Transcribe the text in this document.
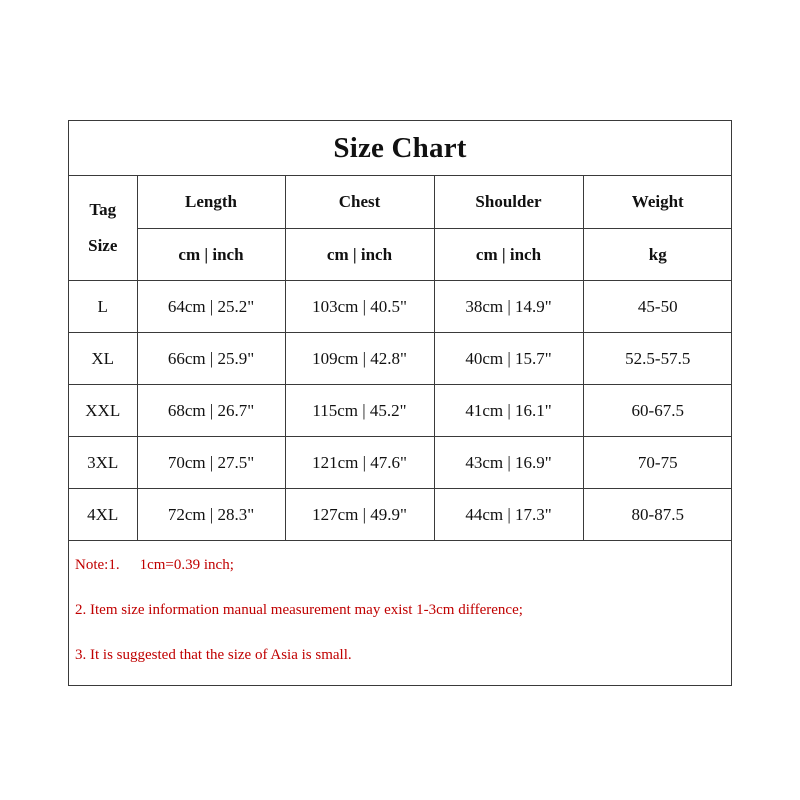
Size Chart
Tag
Size	Length	Chest	Shoulder	Weight
	cm | inch	cm | inch	cm | inch	kg
L	64cm | 25.2"	103cm | 40.5"	38cm | 14.9"	45-50
XL	66cm | 25.9"	109cm | 42.8"	40cm | 15.7"	52.5-57.5
XXL	68cm | 26.7"	115cm | 45.2"	41cm | 16.1"	60-67.5
3XL	70cm | 27.5"	121cm | 47.6"	43cm | 16.9"	70-75
4XL	72cm | 28.3"	127cm | 49.9"	44cm | 17.3"	80-87.5
Note:1. 1cm=0.39 inch;
2. Item size information manual measurement may exist 1-3cm difference;
3. It is suggested that the size of Asia is small.
